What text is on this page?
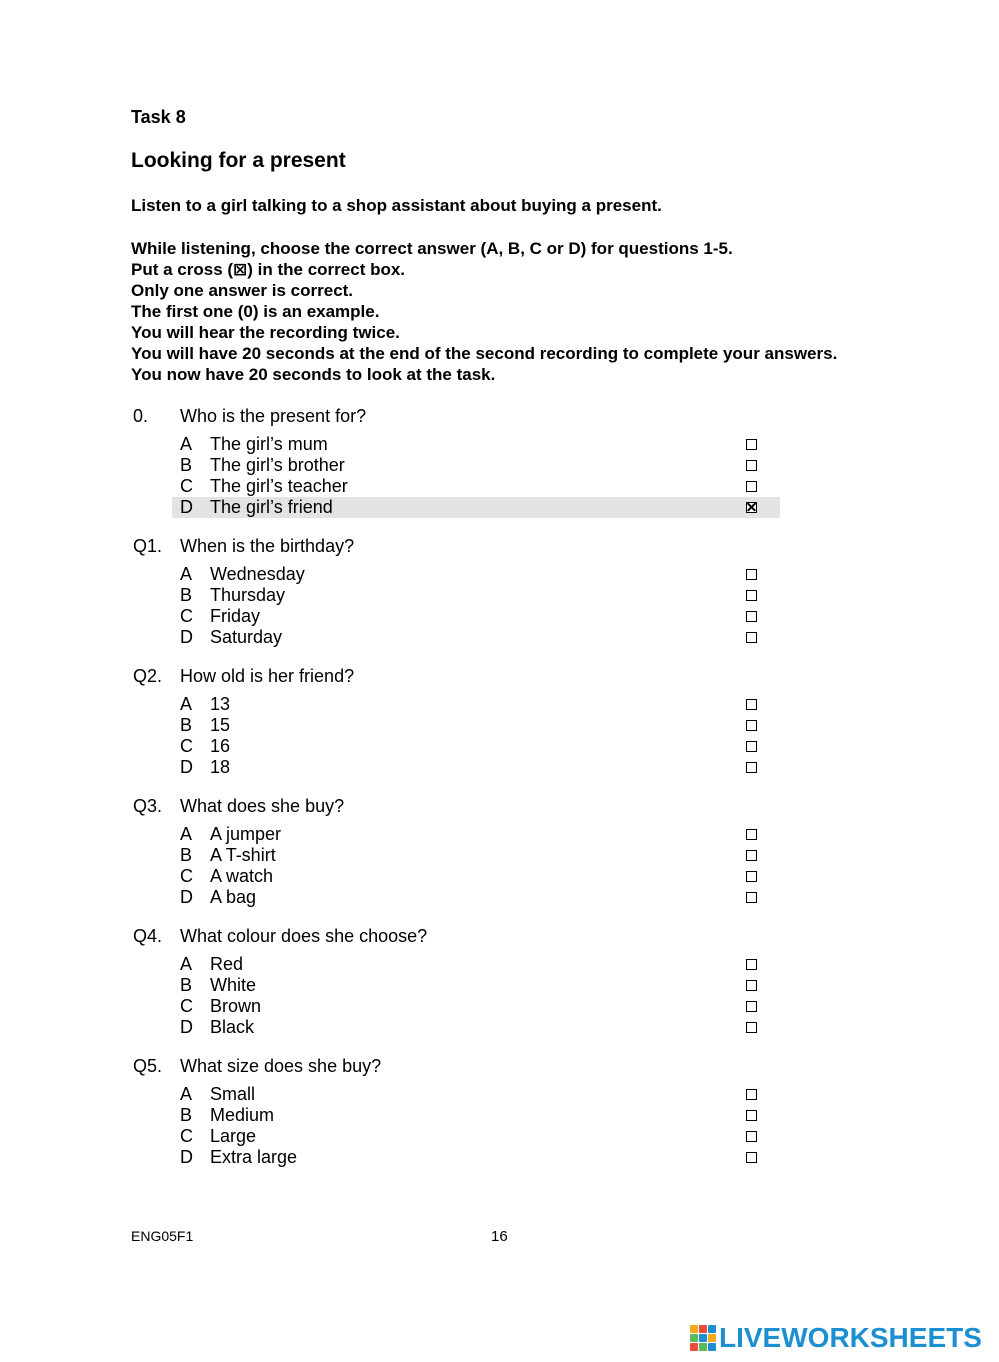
Task 8
Looking for a present
Listen to a girl talking to a shop assistant about buying a present.
While listening, choose the correct answer (A, B, C or D) for questions 1-5.
Put a cross (⊠) in the correct box.
Only one answer is correct.
The first one (0) is an example.
You will hear the recording twice.
You will have 20 seconds at the end of the second recording to complete your answers.
You now have 20 seconds to look at the task.
0. Who is the present for?
A The girl’s mum
B The girl’s brother
C The girl’s teacher
D The girl’s friend
Q1. When is the birthday?
A Wednesday
B Thursday
C Friday
D Saturday
Q2. How old is her friend?
A 13
B 15
C 16
D 18
Q3. What does she buy?
A A jumper
B A T-shirt
C A watch
D A bag
Q4. What colour does she choose?
A Red
B White
C Brown
D Black
Q5. What size does she buy?
A Small
B Medium
C Large
D Extra large
ENG05F1	16
LIVEWORKSHEETS
